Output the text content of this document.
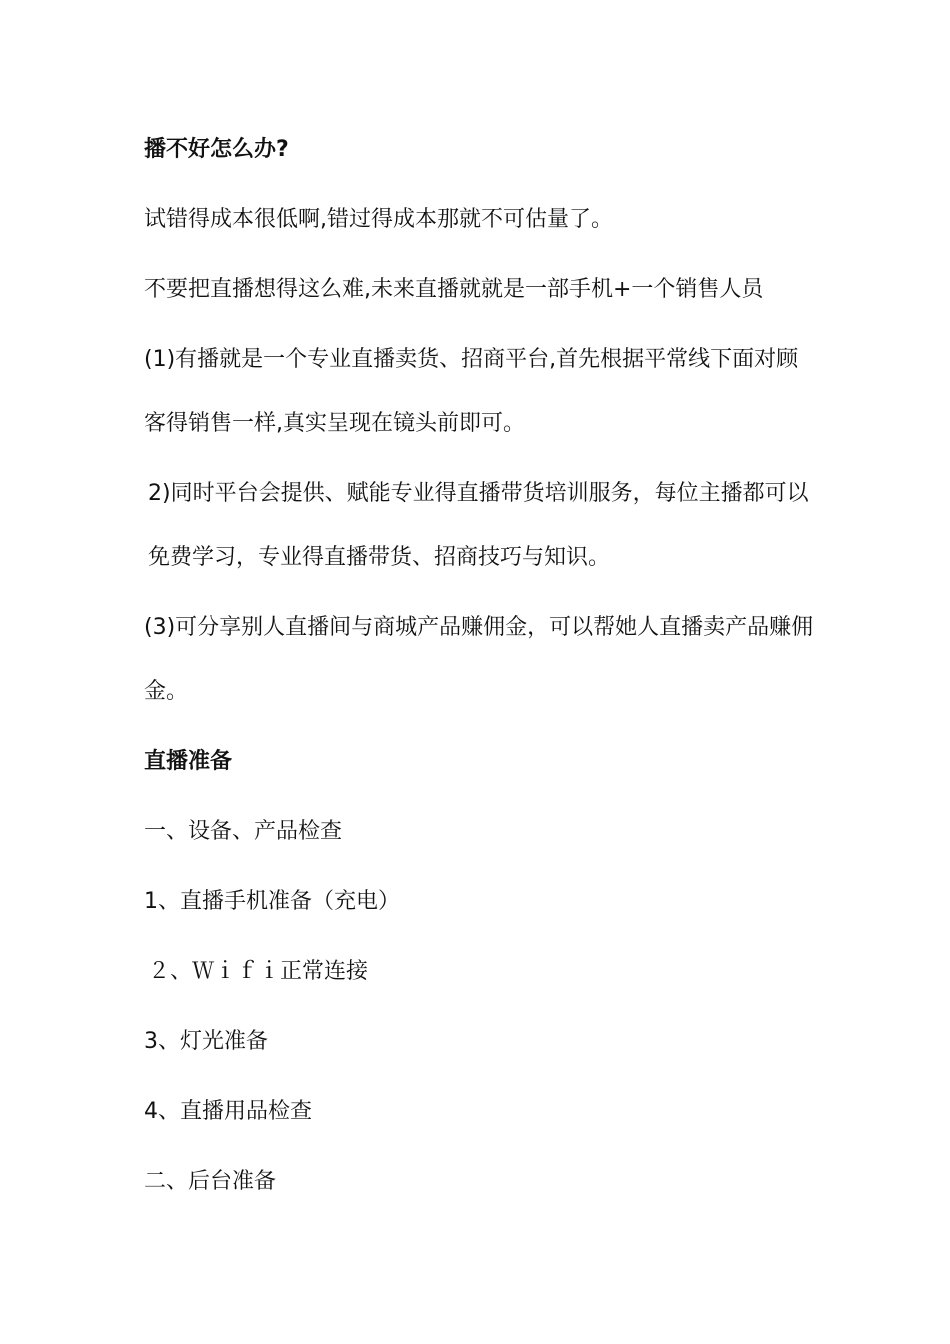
播不好怎么办?

试错得成本很低啊,错过得成本那就不可估量了。

不要把直播想得这么难,未来直播就就是一部手机+一个销售人员

(1)有播就是一个专业直播卖货、招商平台,首先根据平常线下面对顾客得销售一样,真实呈现在镜头前即可。

2)同时平台会提供、赋能专业得直播带货培训服务，每位主播都可以免费学习，专业得直播带货、招商技巧与知识。

(3)可分享别人直播间与商城产品赚佣金，可以帮她人直播卖产品赚佣金。

直播准备

一、设备、产品检查

1、直播手机准备（充电）

２、Ｗｉｆｉ正常连接

3、灯光准备

4、直播用品检查

二、后台准备
